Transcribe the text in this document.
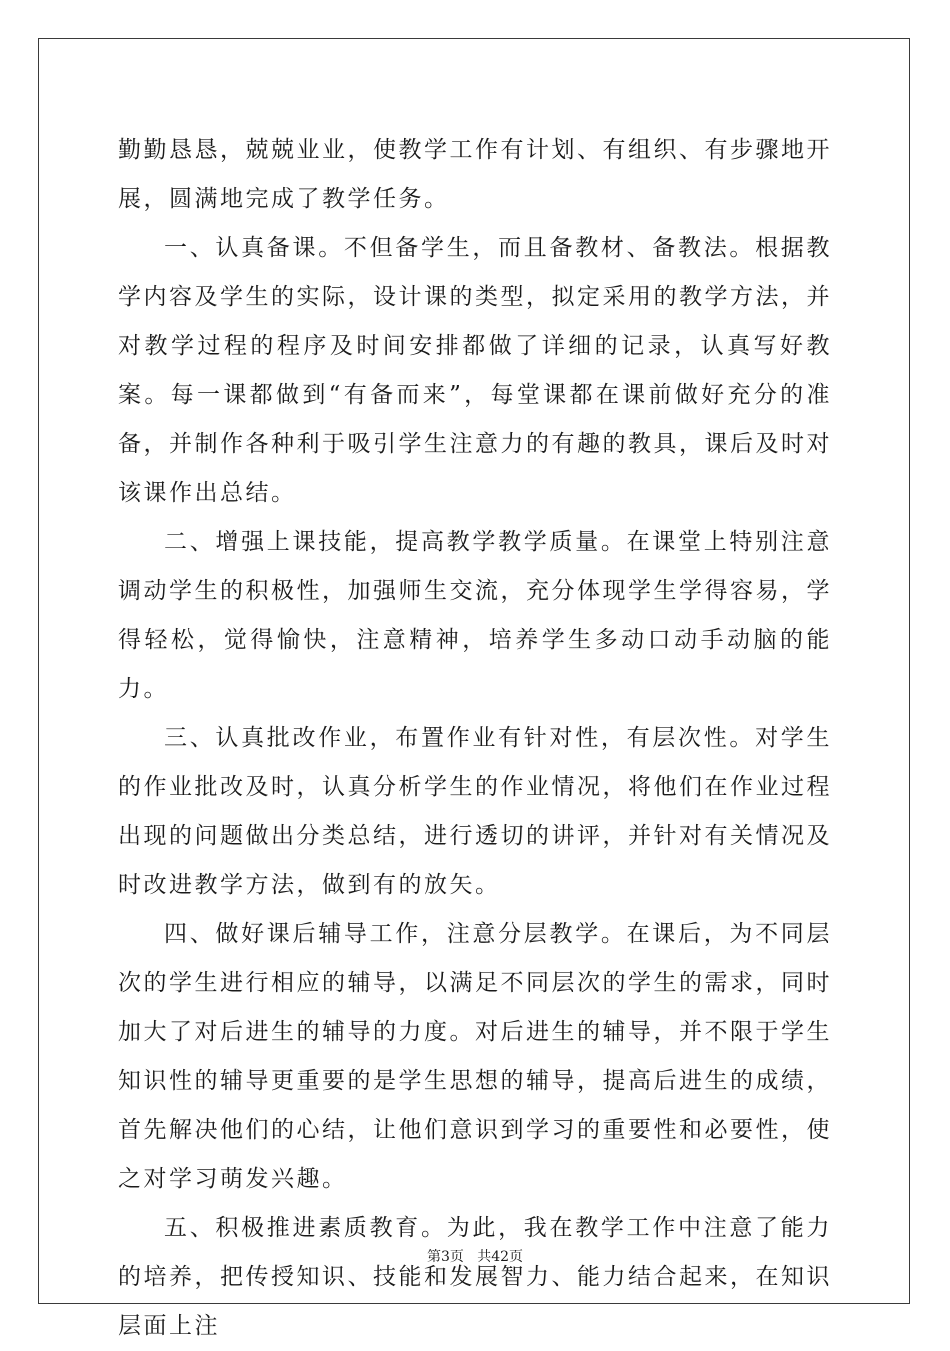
勤勤恳恳，兢兢业业，使教学工作有计划、有组织、有步骤地开展，圆满地完成了教学任务。

一、认真备课。不但备学生，而且备教材、备教法。根据教学内容及学生的实际，设计课的类型，拟定采用的教学方法，并对教学过程的程序及时间安排都做了详细的记录，认真写好教案。每一课都做到“有备而来”，每堂课都在课前做好充分的准备，并制作各种利于吸引学生注意力的有趣的教具，课后及时对该课作出总结。

二、增强上课技能，提高教学教学质量。在课堂上特别注意调动学生的积极性，加强师生交流，充分体现学生学得容易，学得轻松，觉得愉快，注意精神，培养学生多动口动手动脑的能力。

三、认真批改作业，布置作业有针对性，有层次性。对学生的作业批改及时，认真分析学生的作业情况，将他们在作业过程出现的问题做出分类总结，进行透切的讲评，并针对有关情况及时改进教学方法，做到有的放矢。

四、做好课后辅导工作，注意分层教学。在课后，为不同层次的学生进行相应的辅导，以满足不同层次的学生的需求，同时加大了对后进生的辅导的力度。对后进生的辅导，并不限于学生知识性的辅导更重要的是学生思想的辅导，提高后进生的成绩，首先解决他们的心结，让他们意识到学习的重要性和必要性，使之对学习萌发兴趣。

五、积极推进素质教育。为此，我在教学工作中注意了能力的培养，把传授知识、技能和发展智力、能力结合起来，在知识层面上注

第3页   共42页
